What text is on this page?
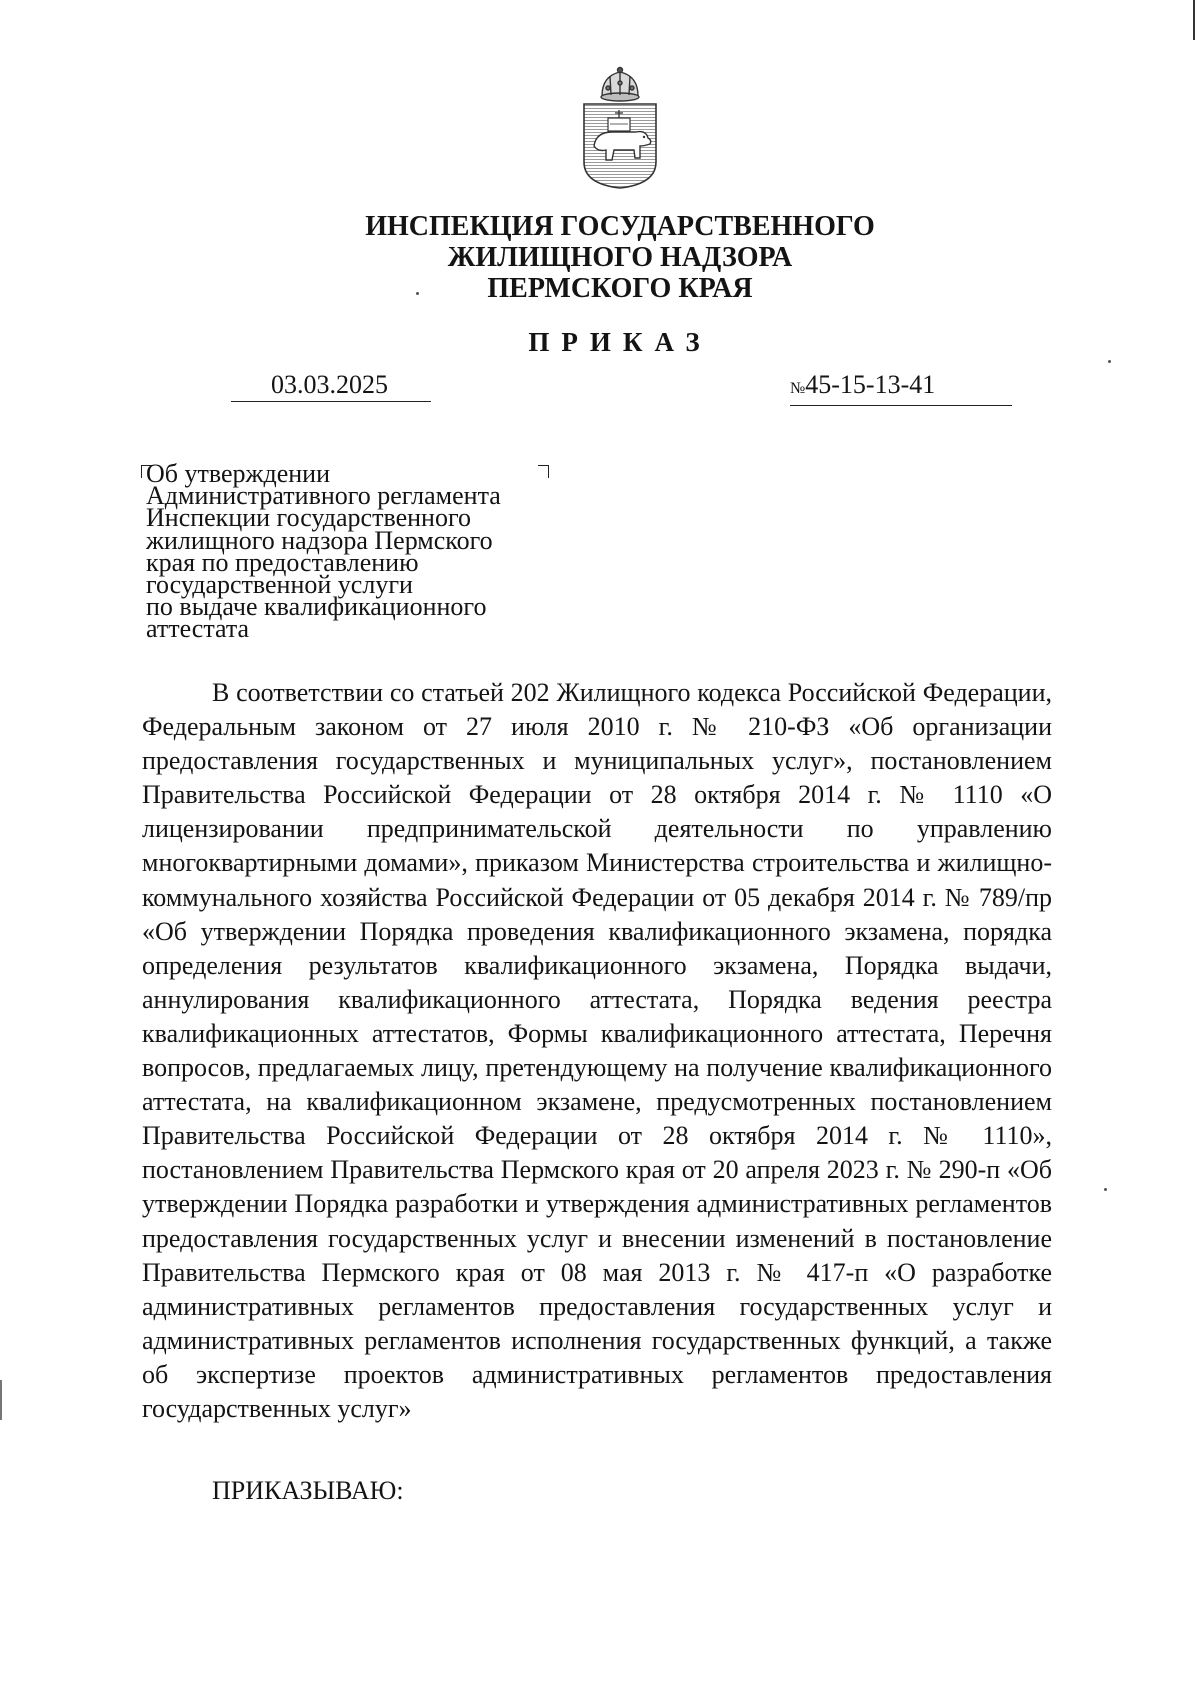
ИНСПЕКЦИЯ ГОСУДАРСТВЕННОГО
ЖИЛИЩНОГО НАДЗОРА
ПЕРМСКОГО КРАЯ
ПРИКАЗ
03.03.2025	№45-15-13-41
Об утверждении
Административного регламента
Инспекции государственного
жилищного надзора Пермского
края по предоставлению
государственной услуги
по выдаче квалификационного
аттестата
В соответствии со статьей 202 Жилищного кодекса Российской Федерации, Федеральным законом от 27 июля 2010 г. № 210-ФЗ «Об организации предоставления государственных и муниципальных услуг», постановлением Правительства Российской Федерации от 28 октября 2014 г. № 1110 «О лицензировании предпринимательской деятельности по управлению многоквартирными домами», приказом Министерства строительства и жилищно-коммунального хозяйства Российской Федерации от 05 декабря 2014 г. № 789/пр «Об утверждении Порядка проведения квалификационного экзамена, порядка определения результатов квалификационного экзамена, Порядка выдачи, аннулирования квалификационного аттестата, Порядка ведения реестра квалификационных аттестатов, Формы квалификационного аттестата, Перечня вопросов, предлагаемых лицу, претендующему на получение квалификационного аттестата, на квалификационном экзамене, предусмотренных постановлением Правительства Российской Федерации от 28 октября 2014 г. № 1110», постановлением Правительства Пермского края от 20 апреля 2023 г. № 290-п «Об утверждении Порядка разработки и утверждения административных регламентов предоставления государственных услуг и внесении изменений в постановление Правительства Пермского края от 08 мая 2013 г. № 417-п «О разработке административных регламентов предоставления государственных услуг и административных регламентов исполнения государственных функций, а также об экспертизе проектов административных регламентов предоставления государственных услуг»
ПРИКАЗЫВАЮ:
